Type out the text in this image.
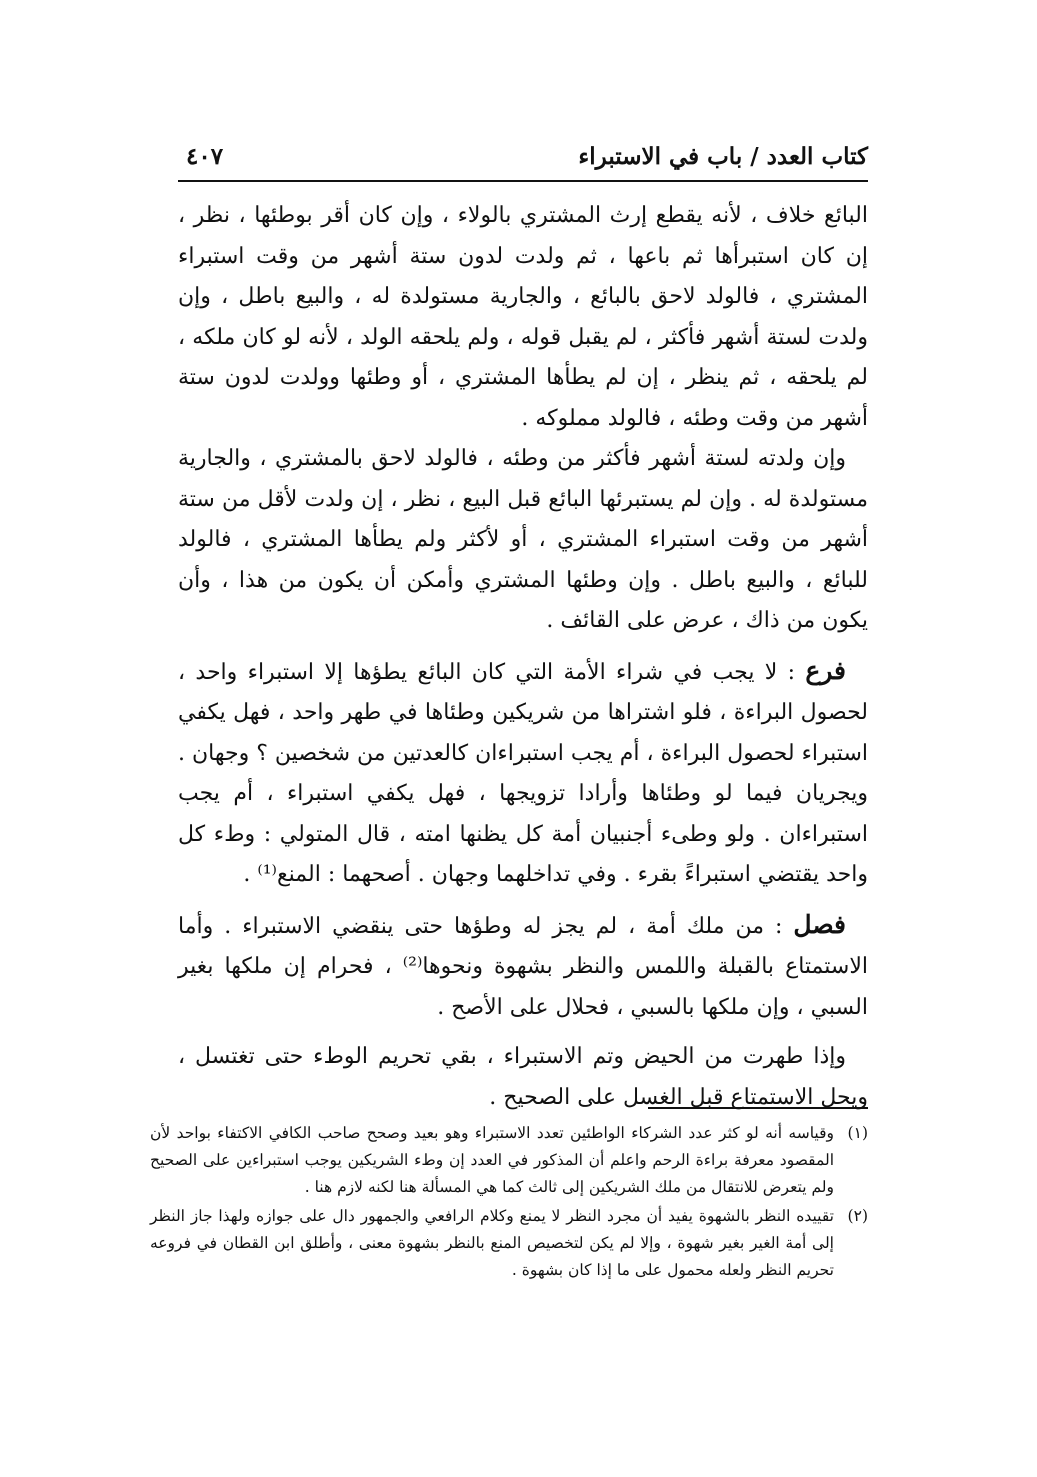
كتاب العدد / باب في الاستبراء
٤٠٧

البائع خلاف ، لأنه يقطع إرث المشتري بالولاء ، وإن كان أقر بوطئها ، نظر ، إن كان استبرأها ثم باعها ، ثم ولدت لدون ستة أشهر من وقت استبراء المشتري ، فالولد لاحق بالبائع ، والجارية مستولدة له ، والبيع باطل ، وإن ولدت لستة أشهر فأكثر ، لم يقبل قوله ، ولم يلحقه الولد ، لأنه لو كان ملكه ، لم يلحقه ، ثم ينظر ، إن لم يطأها المشتري ، أو وطئها وولدت لدون ستة أشهر من وقت وطئه ، فالولد مملوكه .

وإن ولدته لستة أشهر فأكثر من وطئه ، فالولد لاحق بالمشتري ، والجارية مستولدة له . وإن لم يستبرئها البائع قبل البيع ، نظر ، إن ولدت لأقل من ستة أشهر من وقت استبراء المشتري ، أو لأكثر ولم يطأها المشتري ، فالولد للبائع ، والبيع باطل . وإن وطئها المشتري وأمكن أن يكون من هذا ، وأن يكون من ذاك ، عرض على القائف .

فرع : لا يجب في شراء الأمة التي كان البائع يطؤها إلا استبراء واحد ، لحصول البراءة ، فلو اشتراها من شريكين وطئاها في طهر واحد ، فهل يكفي استبراء لحصول البراءة ، أم يجب استبراءان كالعدتين من شخصين ؟ وجهان . ويجريان فيما لو وطئاها وأرادا تزويجها ، فهل يكفي استبراء ، أم يجب استبراءان . ولو وطىء أجنبيان أمة كل يظنها امته ، قال المتولي : وطء كل واحد يقتضي استبراءً بقرء . وفي تداخلهما وجهان . أصحهما : المنع⁽¹⁾ .

فصل : من ملك أمة ، لم يجز له وطؤها حتى ينقضي الاستبراء . وأما الاستمتاع بالقبلة واللمس والنظر بشهوة ونحوها⁽²⁾ ، فحرام إن ملكها بغير السبي ، وإن ملكها بالسبي ، فحلال على الأصح .

وإذا طهرت من الحيض وتم الاستبراء ، بقي تحريم الوطء حتى تغتسل ، ويحل الاستمتاع قبل الغسل على الصحيح .

(١)
وقياسه أنه لو كثر عدد الشركاء الواطئين تعدد الاستبراء وهو بعيد وصحح صاحب الكافي الاكتفاء بواحد لأن المقصود معرفة براءة الرحم واعلم أن المذكور في العدد إن وطء الشريكين يوجب استبراءين على الصحيح ولم يتعرض للانتقال من ملك الشريكين إلى ثالث كما هي المسألة هنا لكنه لازم هنا .
(٢)
تقييده النظر بالشهوة يفيد أن مجرد النظر لا يمنع وكلام الرافعي والجمهور دال على جوازه ولهذا جاز النظر إلى أمة الغير بغير شهوة ، وإلا لم يكن لتخصيص المنع بالنظر بشهوة معنى ، وأطلق ابن القطان في فروعه تحريم النظر ولعله محمول على ما إذا كان بشهوة .
